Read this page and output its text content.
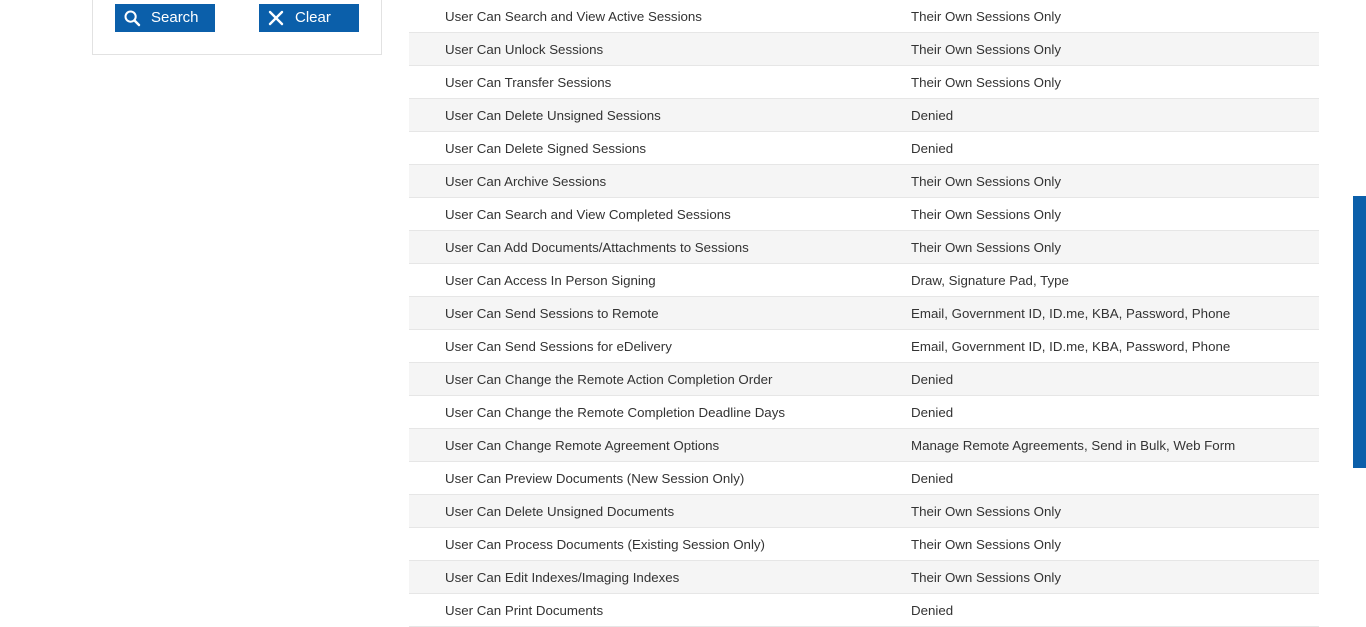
Search	Clear	User Can Search and View Active Sessions	Their Own Sessions Only
User Can Unlock Sessions	Their Own Sessions Only
User Can Transfer Sessions	Their Own Sessions Only
User Can Delete Unsigned Sessions	Denied
User Can Delete Signed Sessions	Denied
User Can Archive Sessions	Their Own Sessions Only
User Can Search and View Completed Sessions	Their Own Sessions Only
User Can Add Documents/Attachments to Sessions	Their Own Sessions Only
User Can Access In Person Signing	Draw, Signature Pad, Type
User Can Send Sessions to Remote	Email, Government ID, ID.me, KBA, Password, Phone
User Can Send Sessions for eDelivery	Email, Government ID, ID.me, KBA, Password, Phone
User Can Change the Remote Action Completion Order	Denied
User Can Change the Remote Completion Deadline Days	Denied
User Can Change Remote Agreement Options	Manage Remote Agreements, Send in Bulk, Web Form
User Can Preview Documents (New Session Only)	Denied
User Can Delete Unsigned Documents	Their Own Sessions Only
User Can Process Documents (Existing Session Only)	Their Own Sessions Only
User Can Edit Indexes/Imaging Indexes	Their Own Sessions Only
User Can Print Documents	Denied
